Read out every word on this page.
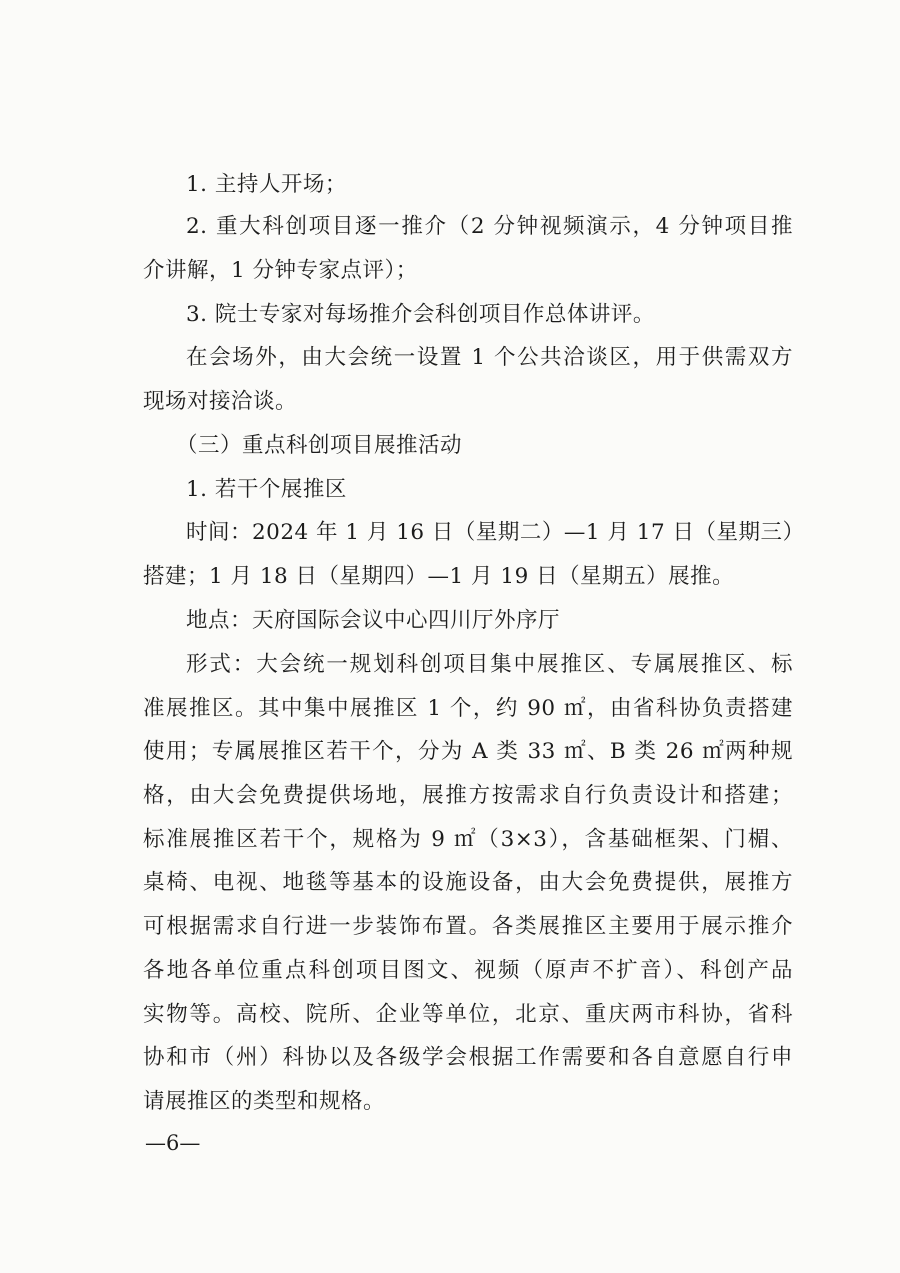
1. 主持人开场；
2. 重大科创项目逐一推介（2 分钟视频演示，4 分钟项目推
介讲解，1 分钟专家点评）；
3. 院士专家对每场推介会科创项目作总体讲评。
在会场外，由大会统一设置 1 个公共洽谈区，用于供需双方
现场对接洽谈。
（三）重点科创项目展推活动
1. 若干个展推区
时间：2024 年 1 月 16 日（星期二）—1 月 17 日（星期三）
搭建；1 月 18 日（星期四）—1 月 19 日（星期五）展推。
地点：天府国际会议中心四川厅外序厅
形式：大会统一规划科创项目集中展推区、专属展推区、标
准展推区。其中集中展推区 1 个，约 90 ㎡，由省科协负责搭建
使用；专属展推区若干个，分为 A 类 33 ㎡、B 类 26 ㎡两种规
格，由大会免费提供场地，展推方按需求自行负责设计和搭建；
标准展推区若干个，规格为 9 ㎡（3×3），含基础框架、门楣、
桌椅、电视、地毯等基本的设施设备，由大会免费提供，展推方
可根据需求自行进一步装饰布置。各类展推区主要用于展示推介
各地各单位重点科创项目图文、视频（原声不扩音）、科创产品
实物等。高校、院所、企业等单位，北京、重庆两市科协，省科
协和市（州）科协以及各级学会根据工作需要和各自意愿自行申
请展推区的类型和规格。
—6—
